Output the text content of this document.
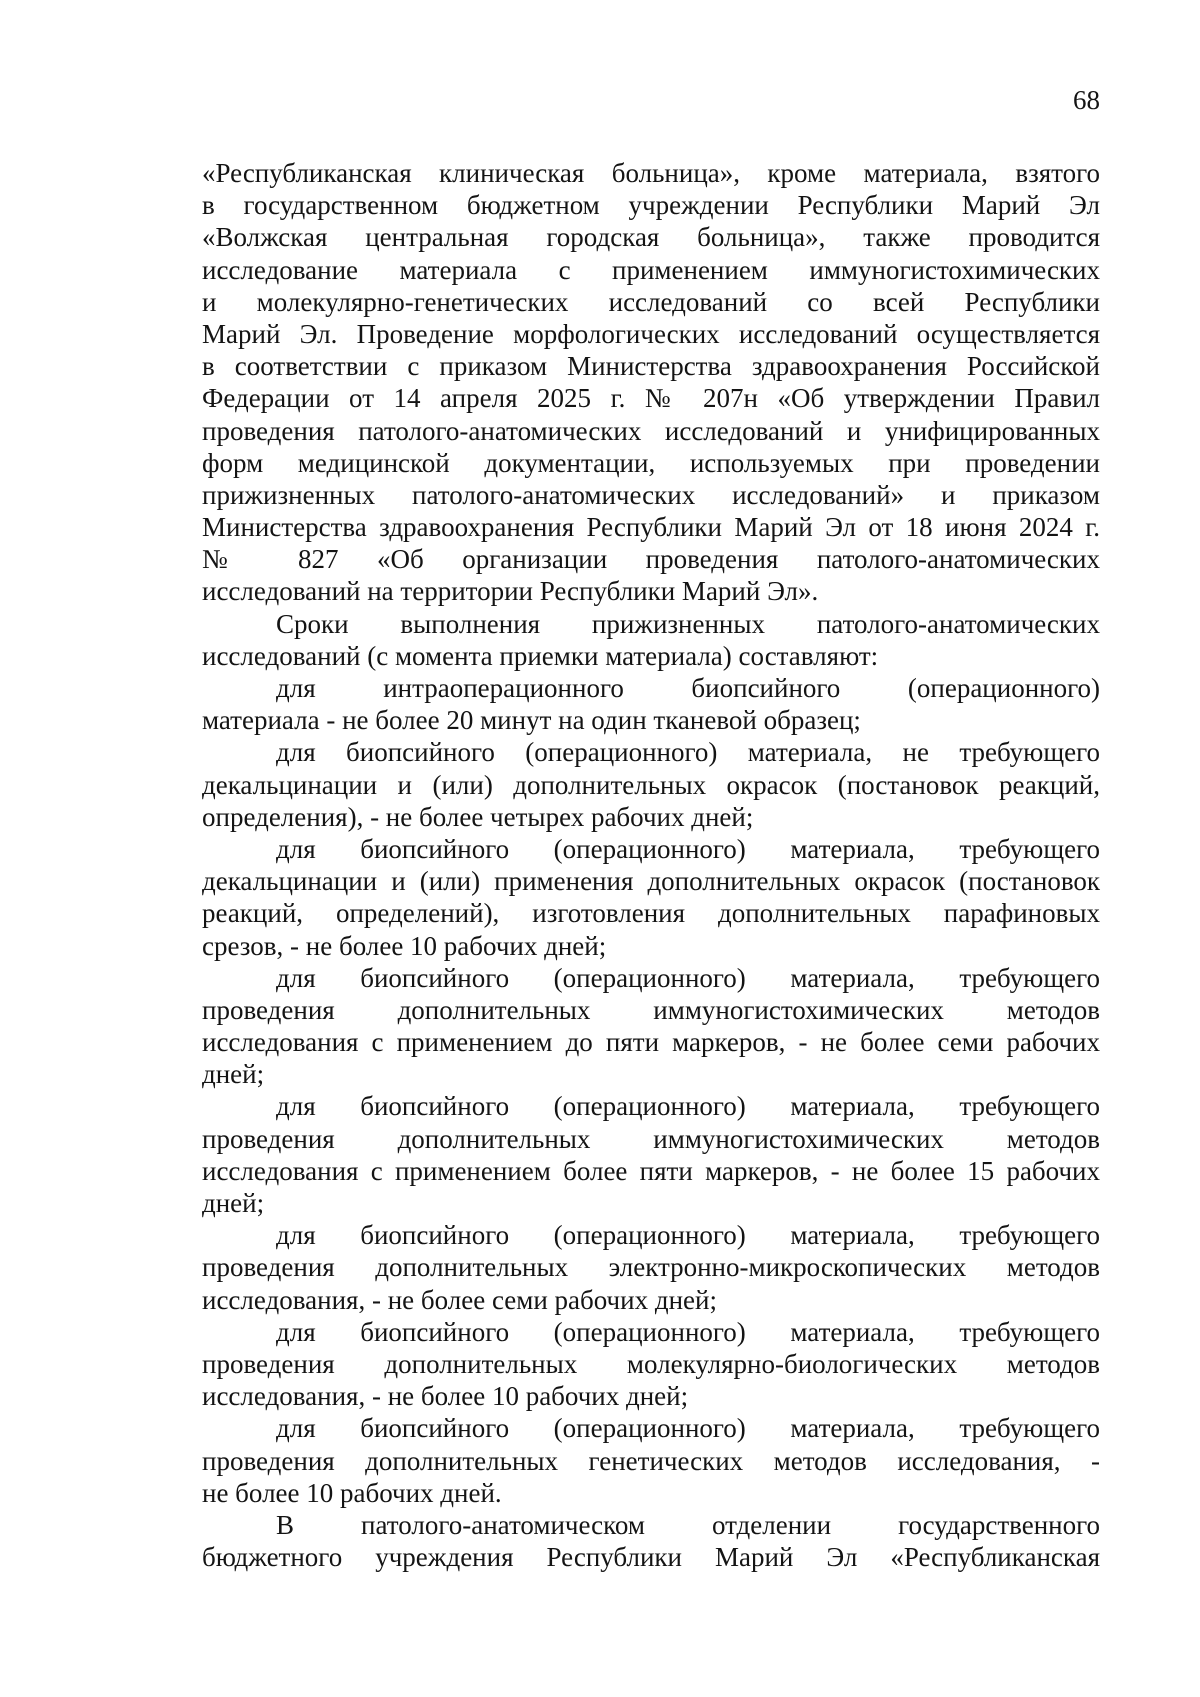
68
«Республиканская клиническая больница», кроме материала, взятого
в государственном бюджетном учреждении Республики Марий Эл
«Волжская центральная городская больница», также проводится
исследование материала с применением иммуногистохимических
и молекулярно-генетических исследований со всей Республики
Марий Эл. Проведение морфологических исследований осуществляется
в соответствии с приказом Министерства здравоохранения Российской
Федерации от 14 апреля 2025 г. № 207н «Об утверждении Правил
проведения патолого-анатомических исследований и унифицированных
форм медицинской документации, используемых при проведении
прижизненных патолого-анатомических исследований» и приказом
Министерства здравоохранения Республики Марий Эл от 18 июня 2024 г.
№ 827 «Об организации проведения патолого-анатомических
исследований на территории Республики Марий Эл».
Сроки выполнения прижизненных патолого-анатомических
исследований (с момента приемки материала) составляют:
для интраоперационного биопсийного (операционного)
материала - не более 20 минут на один тканевой образец;
для биопсийного (операционного) материала, не требующего
декальцинации и (или) дополнительных окрасок (постановок реакций,
определения), - не более четырех рабочих дней;
для биопсийного (операционного) материала, требующего
декальцинации и (или) применения дополнительных окрасок (постановок
реакций, определений), изготовления дополнительных парафиновых
срезов, - не более 10 рабочих дней;
для биопсийного (операционного) материала, требующего
проведения дополнительных иммуногистохимических методов
исследования с применением до пяти маркеров, - не более семи рабочих
дней;
для биопсийного (операционного) материала, требующего
проведения дополнительных иммуногистохимических методов
исследования с применением более пяти маркеров, - не более 15 рабочих
дней;
для биопсийного (операционного) материала, требующего
проведения дополнительных электронно-микроскопических методов
исследования, - не более семи рабочих дней;
для биопсийного (операционного) материала, требующего
проведения дополнительных молекулярно-биологических методов
исследования, - не более 10 рабочих дней;
для биопсийного (операционного) материала, требующего
проведения дополнительных генетических методов исследования, -
не более 10 рабочих дней.
В патолого-анатомическом отделении государственного
бюджетного учреждения Республики Марий Эл «Республиканская
